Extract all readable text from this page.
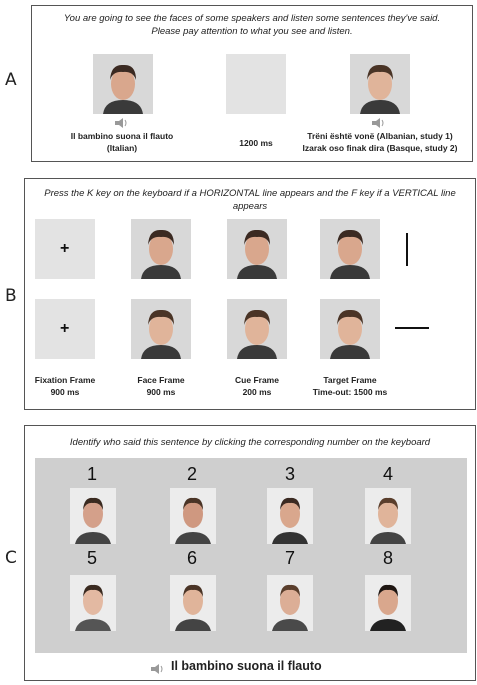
A
You are going to see the faces of some speakers and listen some sentences they've said. Please pay attention to what you see and listen.
Il bambino suona il flauto
(Italian)	1200 ms
Trëni është vonë (Albanian, study 1)
Izarak oso finak dira (Basque, study 2)
B
Press the K key on the keyboard if a HORIZONTAL line appears and the F key if a VERTICAL line appears
+
+
Fixation Frame
900 ms
Face Frame
900 ms
Cue Frame
200 ms
Target Frame
Time-out: 1500 ms
C
Identify who said this sentence by clicking the corresponding number on the keyboard
1	2	3	4
5	6	7	8
Il bambino suona il flauto
